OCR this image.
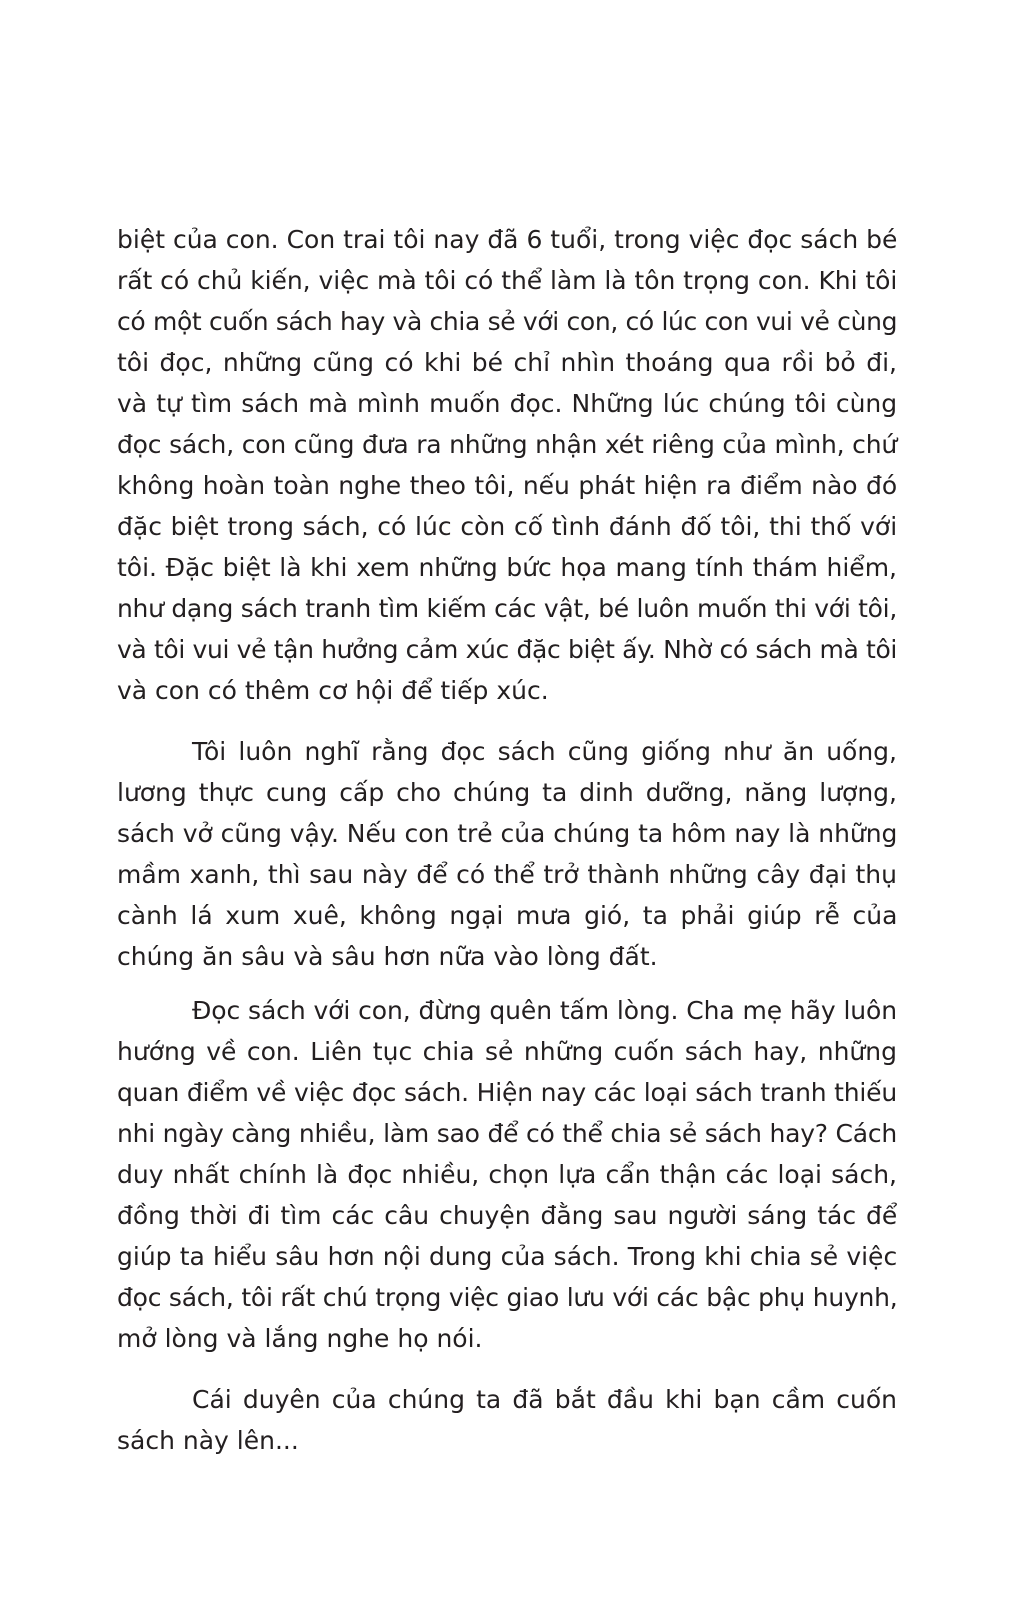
biệt của con. Con trai tôi nay đã 6 tuổi, trong việc đọc sách bé
rất có chủ kiến, việc mà tôi có thể làm là tôn trọng con. Khi tôi
có một cuốn sách hay và chia sẻ với con, có lúc con vui vẻ cùng
tôi đọc, những cũng có khi bé chỉ nhìn thoáng qua rồi bỏ đi,
và tự tìm sách mà mình muốn đọc. Những lúc chúng tôi cùng
đọc sách, con cũng đưa ra những nhận xét riêng của mình, chứ
không hoàn toàn nghe theo tôi, nếu phát hiện ra điểm nào đó
đặc biệt trong sách, có lúc còn cố tình đánh đố tôi, thi thố với
tôi. Đặc biệt là khi xem những bức họa mang tính thám hiểm,
như dạng sách tranh tìm kiếm các vật, bé luôn muốn thi với tôi,
và tôi vui vẻ tận hưởng cảm xúc đặc biệt ấy. Nhờ có sách mà tôi
và con có thêm cơ hội để tiếp xúc.

Tôi luôn nghĩ rằng đọc sách cũng giống như ăn uống,
lương thực cung cấp cho chúng ta dinh dưỡng, năng lượng,
sách vở cũng vậy. Nếu con trẻ của chúng ta hôm nay là những
mầm xanh, thì sau này để có thể trở thành những cây đại thụ
cành lá xum xuê, không ngại mưa gió, ta phải giúp rễ của
chúng ăn sâu và sâu hơn nữa vào lòng đất.

Đọc sách với con, đừng quên tấm lòng. Cha mẹ hãy luôn
hướng về con. Liên tục chia sẻ những cuốn sách hay, những
quan điểm về việc đọc sách. Hiện nay các loại sách tranh thiếu
nhi ngày càng nhiều, làm sao để có thể chia sẻ sách hay? Cách
duy nhất chính là đọc nhiều, chọn lựa cẩn thận các loại sách,
đồng thời đi tìm các câu chuyện đằng sau người sáng tác để
giúp ta hiểu sâu hơn nội dung của sách. Trong khi chia sẻ việc
đọc sách, tôi rất chú trọng việc giao lưu với các bậc phụ huynh,
mở lòng và lắng nghe họ nói.

Cái duyên của chúng ta đã bắt đầu khi bạn cầm cuốn
sách này lên...
